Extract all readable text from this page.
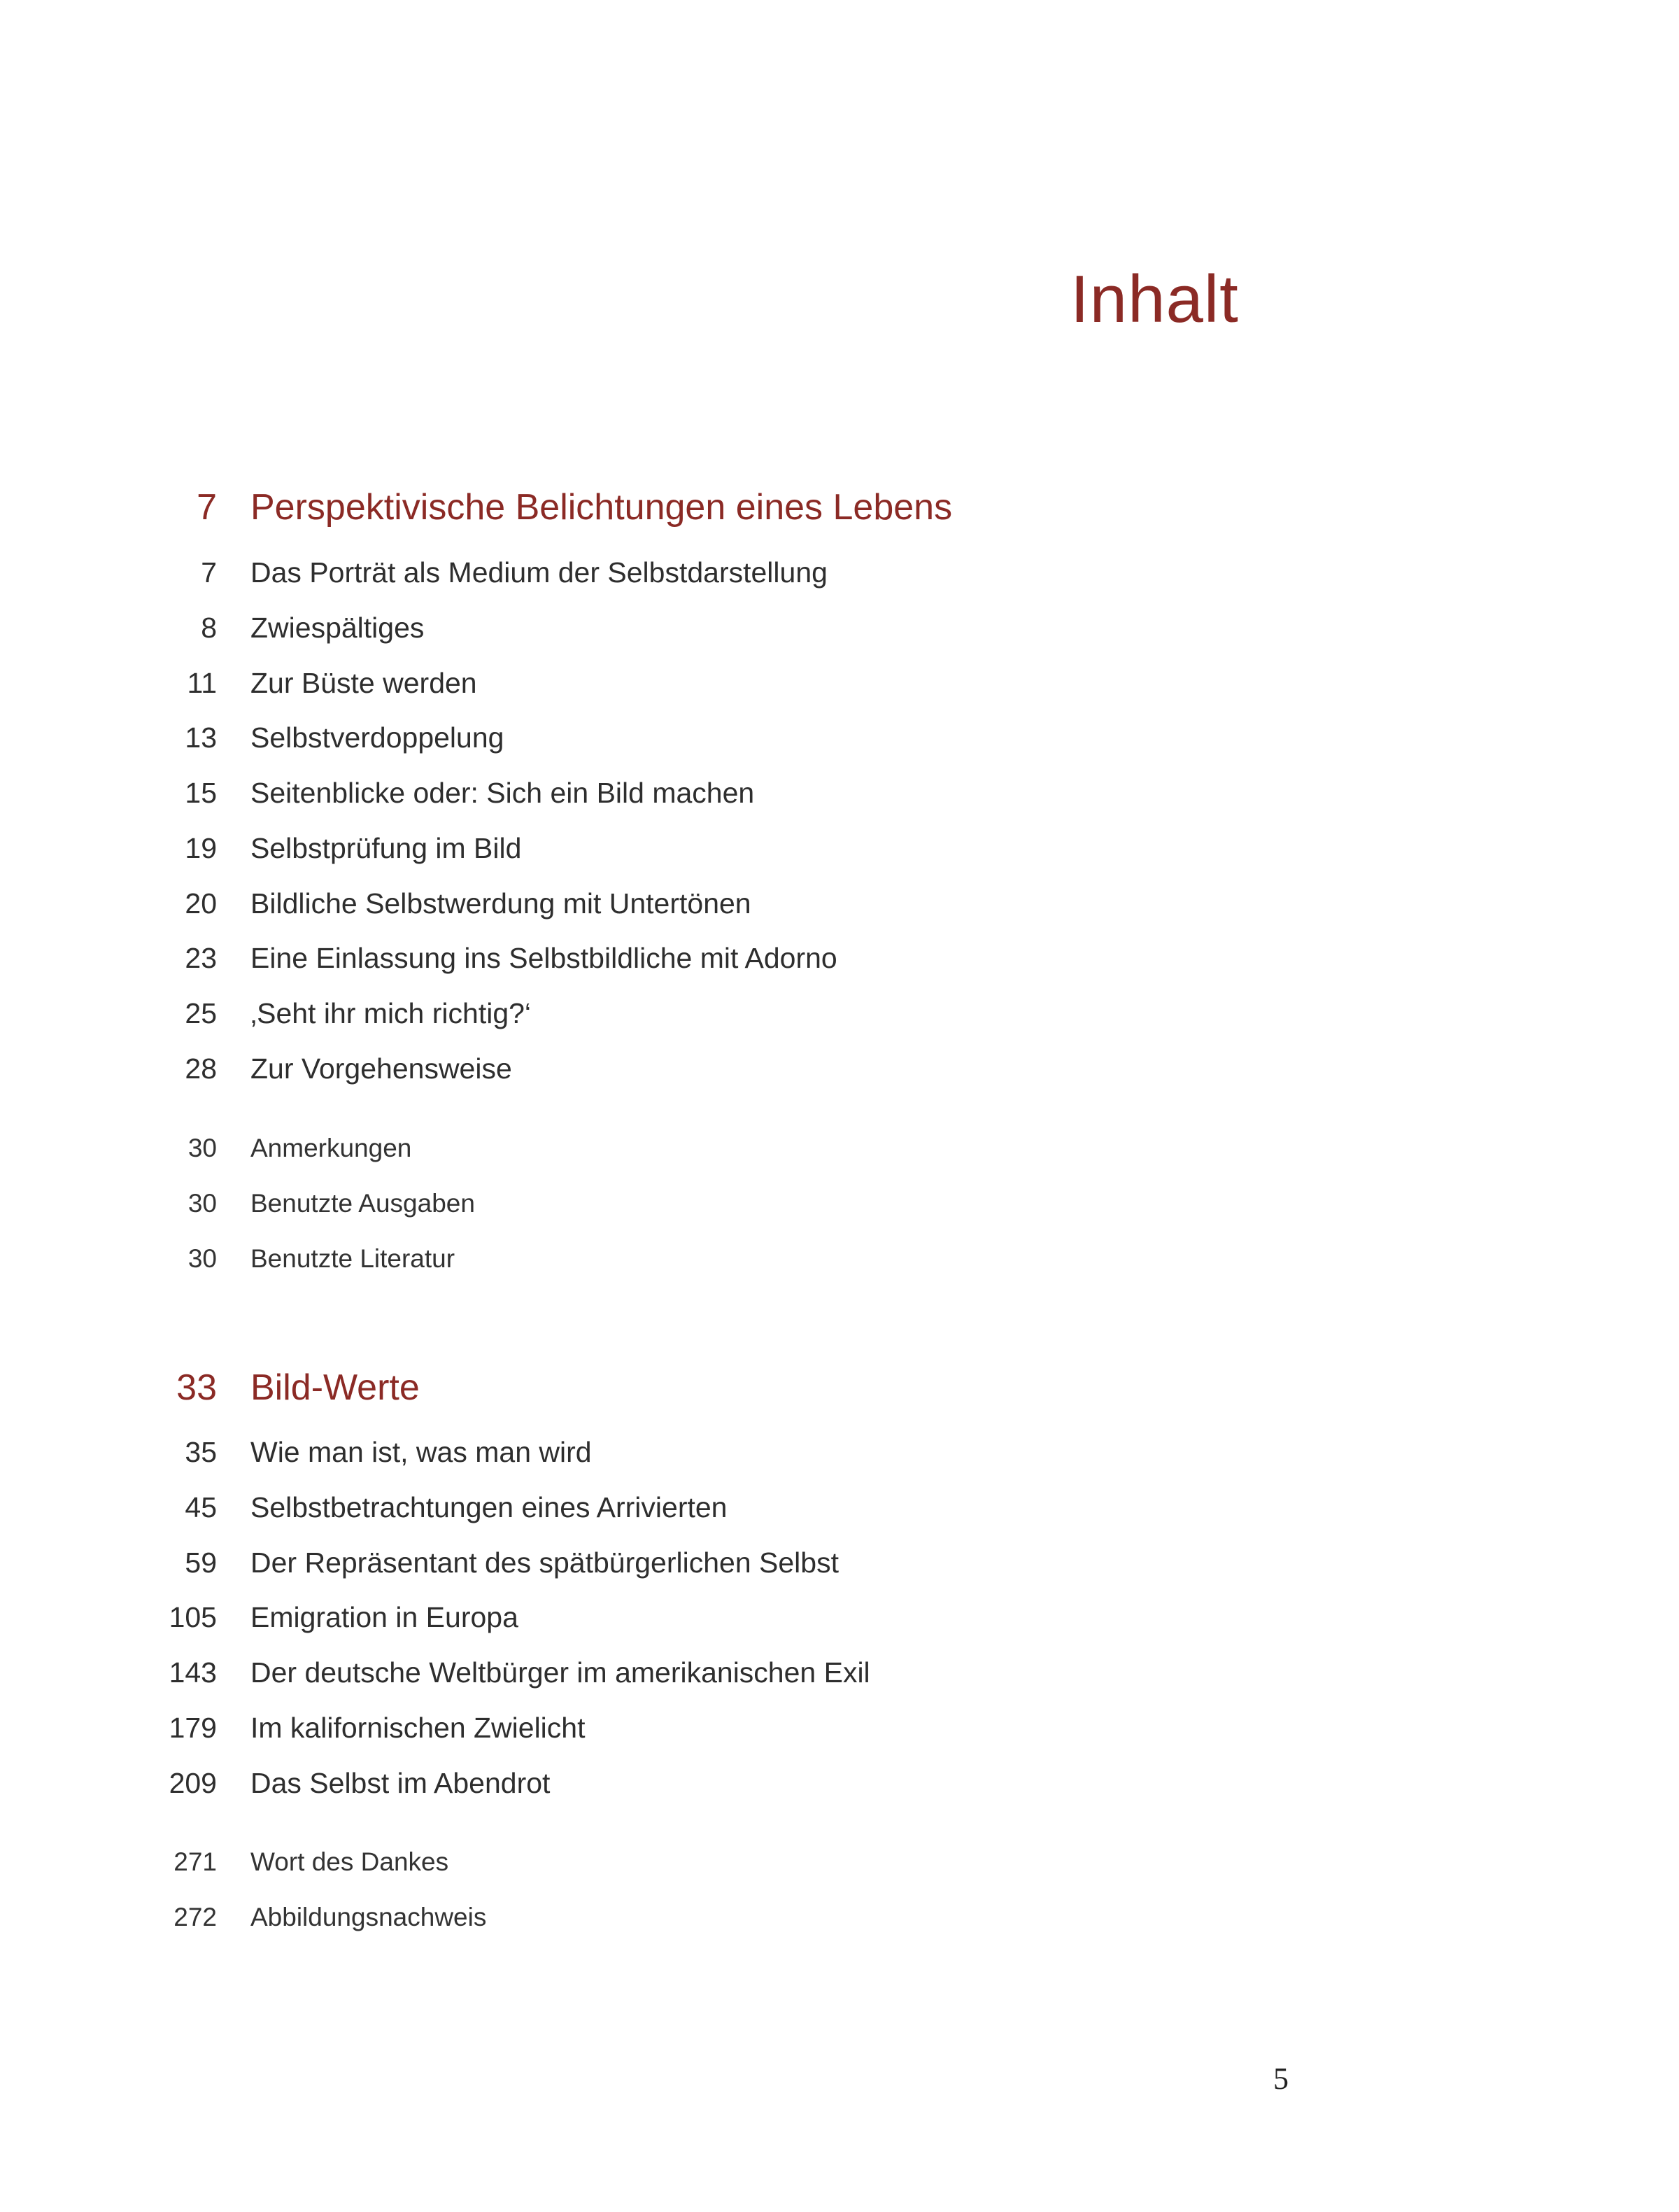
Inhalt
7 Perspektivische Belichtungen eines Lebens
7 Das Porträt als Medium der Selbstdarstellung
8 Zwiespältiges
11 Zur Büste werden
13 Selbstverdoppelung
15 Seitenblicke oder: Sich ein Bild machen
19 Selbstprüfung im Bild
20 Bildliche Selbstwerdung mit Untertönen
23 Eine Einlassung ins Selbstbildliche mit Adorno
25 ‚Seht ihr mich richtig?‘
28 Zur Vorgehensweise
30 Anmerkungen
30 Benutzte Ausgaben
30 Benutzte Literatur
33 Bild-Werte
35 Wie man ist, was man wird
45 Selbstbetrachtungen eines Arrivierten
59 Der Repräsentant des spätbürgerlichen Selbst
105 Emigration in Europa
143 Der deutsche Weltbürger im amerikanischen Exil
179 Im kalifornischen Zwielicht
209 Das Selbst im Abendrot
271 Wort des Dankes
272 Abbildungsnachweis
5
